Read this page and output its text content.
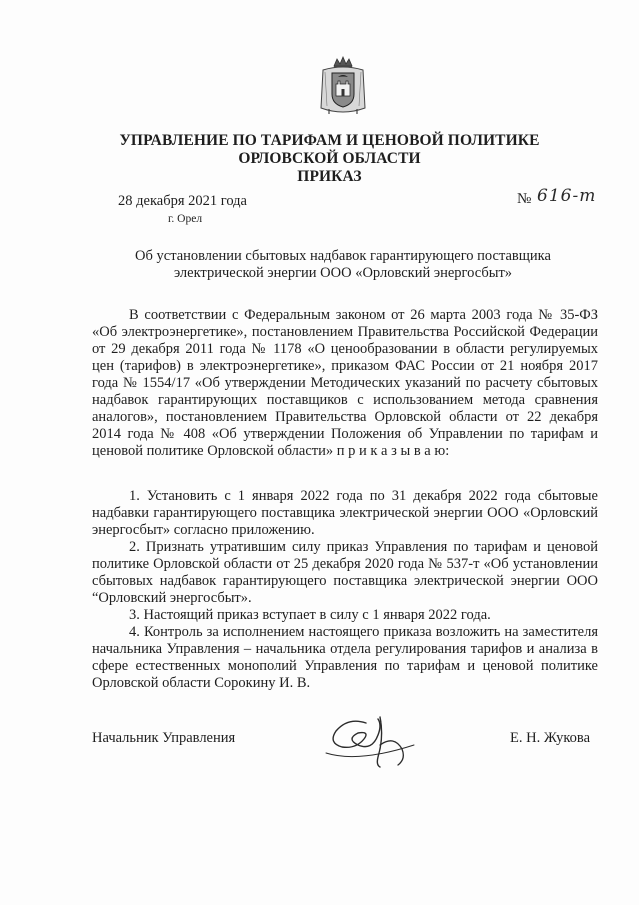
УПРАВЛЕНИЕ ПО ТАРИФАМ И ЦЕНОВОЙ ПОЛИТИКЕ
ОРЛОВСКОЙ ОБЛАСТИ
ПРИКАЗ
28 декабря 2021 года
г. Орел
№ 616-т
Об установлении сбытовых надбавок гарантирующего поставщика
электрической энергии ООО «Орловский энергосбыт»
В соответствии с Федеральным законом от 26 марта 2003 года № 35-ФЗ «Об электроэнергетике», постановлением Правительства Российской Федерации от 29 декабря 2011 года № 1178 «О ценообразовании в области регулируемых цен (тарифов) в электроэнергетике», приказом ФАС России от 21 ноября 2017 года № 1554/17 «Об утверждении Методических указаний по расчету сбытовых надбавок гарантирующих поставщиков с использованием метода сравнения аналогов», постановлением Правительства Орловской области от 22 декабря 2014 года № 408 «Об утверждении Положения об Управлении по тарифам и ценовой политике Орловской области» п р и к а з ы в а ю:
1. Установить с 1 января 2022 года по 31 декабря 2022 года сбытовые надбавки гарантирующего поставщика электрической энергии ООО «Орловский энергосбыт» согласно приложению.
2. Признать утратившим силу приказ Управления по тарифам и ценовой политике Орловской области от 25 декабря 2020 года № 537-т «Об установлении сбытовых надбавок гарантирующего поставщика электрической энергии ООО “Орловский энергосбыт».
3. Настоящий приказ вступает в силу с 1 января 2022 года.
4. Контроль за исполнением настоящего приказа возложить на заместителя начальника Управления – начальника отдела регулирования тарифов и анализа в сфере естественных монополий Управления по тарифам и ценовой политике Орловской области Сорокину И. В.
Начальник Управления	Е. Н. Жукова
